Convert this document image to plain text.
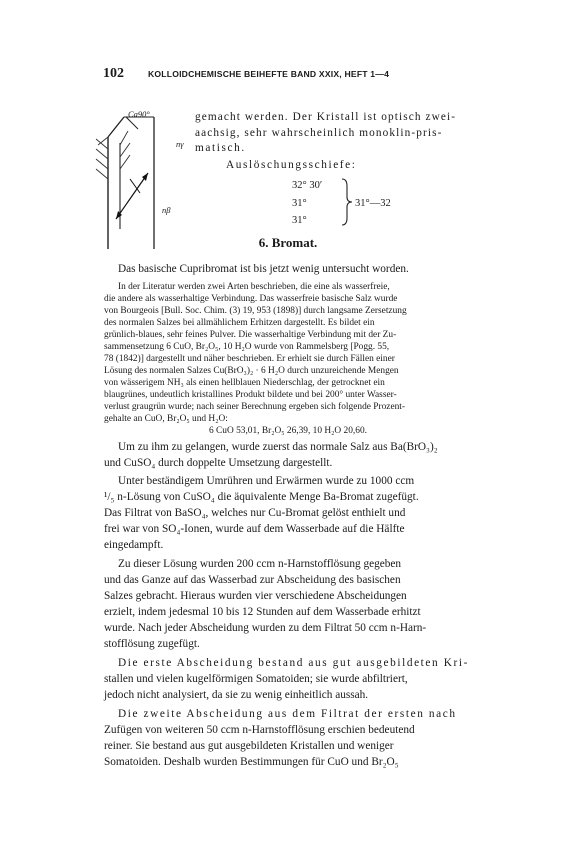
102	KOLLOIDCHEMISCHE BEIHEFTE BAND XXIX, HEFT 1—4
Ca90°
nγ
nβ
gemacht werden. Der Kristall ist optisch zwei-
aachsig, sehr wahrscheinlich monoklin-pris-
matisch.
Auslöschungsschiefe:
32° 30′
31°
31°
31°—32
6. Bromat.
Das basische Cupribromat ist bis jetzt wenig untersucht worden.
In der Literatur werden zwei Arten beschrieben, die eine als wasserfreie,
die andere als wasserhaltige Verbindung. Das wasserfreie basische Salz wurde
von Bourgeois [Bull. Soc. Chim. (3) 19, 953 (1898)] durch langsame Zersetzung
des normalen Salzes bei allmählichem Erhitzen dargestellt. Es bildet ein
grünlich-blaues, sehr feines Pulver. Die wasserhaltige Verbindung mit der Zu-
sammensetzung 6 CuO, Br₂O₅, 10 H₂O wurde von Rammelsberg [Pogg. 55,
78 (1842)] dargestellt und näher beschrieben. Er erhielt sie durch Fällen einer
Lösung des normalen Salzes Cu(BrO₃)₂ · 6 H₂O durch unzureichende Mengen
von wässerigem NH₃ als einen hellblauen Niederschlag, der getrocknet ein
blaugrünes, undeutlich kristallines Produkt bildete und bei 200° unter Wasser-
verlust graugrün wurde; nach seiner Berechnung ergeben sich folgende Prozent-
gehalte an CuO, Br₂O₅ und H₂O:
6 CuO 53,01, Br₂O₅ 26,39, 10 H₂O 20,60.
Um zu ihm zu gelangen, wurde zuerst das normale Salz aus Ba(BrO₃)₂
und CuSO₄ durch doppelte Umsetzung dargestellt.
Unter beständigem Umrühren und Erwärmen wurde zu 1000 ccm
¹/₅ n-Lösung von CuSO₄ die äquivalente Menge Ba-Bromat zugefügt.
Das Filtrat von BaSO₄, welches nur Cu-Bromat gelöst enthielt und
frei war von SO₄-Ionen, wurde auf dem Wasserbade auf die Hälfte
eingedampft.
Zu dieser Lösung wurden 200 ccm n-Harnstofflösung gegeben
und das Ganze auf das Wasserbad zur Abscheidung des basischen
Salzes gebracht. Hieraus wurden vier verschiedene Abscheidungen
erzielt, indem jedesmal 10 bis 12 Stunden auf dem Wasserbade erhitzt
wurde. Nach jeder Abscheidung wurden zu dem Filtrat 50 ccm n-Harn-
stofflösung zugefügt.
Die erste Abscheidung bestand aus gut ausgebildeten Kri-
stallen und vielen kugelförmigen Somatoiden; sie wurde abfiltriert,
jedoch nicht analysiert, da sie zu wenig einheitlich aussah.
Die zweite Abscheidung aus dem Filtrat der ersten nach
Zufügen von weiteren 50 ccm n-Harnstofflösung erschien bedeutend
reiner. Sie bestand aus gut ausgebildeten Kristallen und weniger
Somatoiden. Deshalb wurden Bestimmungen für CuO und Br₂O₅
